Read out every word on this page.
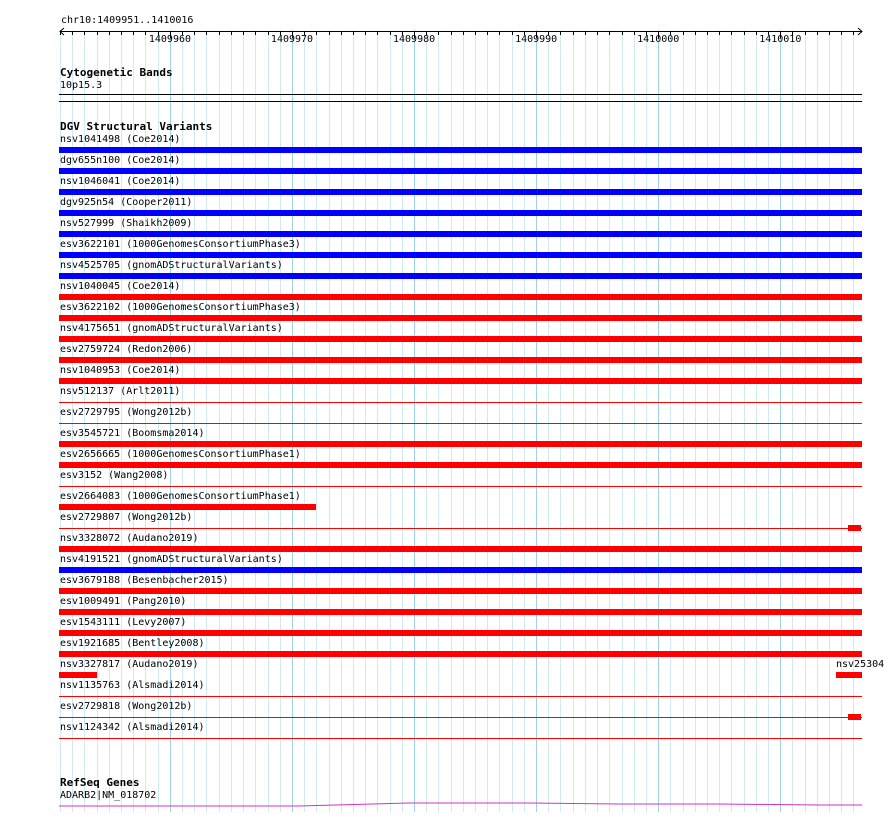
chr10:1409951..1410016
1409960	1409970	1409980	1409990	1410000	1410010
Cytogenetic Bands
10p15.3
DGV Structural Variants
nsv1041498 (Coe2014)
dgv655n100 (Coe2014)
nsv1046041 (Coe2014)
dgv925n54 (Cooper2011)
nsv527999 (Shaikh2009)
esv3622101 (1000GenomesConsortiumPhase3)
nsv4525705 (gnomADStructuralVariants)
nsv1040045 (Coe2014)
esv3622102 (1000GenomesConsortiumPhase3)
nsv4175651 (gnomADStructuralVariants)
esv2759724 (Redon2006)
nsv1040953 (Coe2014)
nsv512137 (Arlt2011)
esv2729795 (Wong2012b)
esv3545721 (Boomsma2014)
esv2656665 (1000GenomesConsortiumPhase1)
esv3152 (Wang2008)
esv2664083 (1000GenomesConsortiumPhase1)
esv2729807 (Wong2012b)
nsv3328072 (Audano2019)
nsv4191521 (gnomADStructuralVariants)
esv3679188 (Besenbacher2015)
esv1009491 (Pang2010)
esv1543111 (Levy2007)
esv1921685 (Bentley2008)
nsv3327817 (Audano2019)	nsv25304
nsv1135763 (Alsmadi2014)
esv2729818 (Wong2012b)
nsv1124342 (Alsmadi2014)
RefSeq Genes
ADARB2|NM_018702
